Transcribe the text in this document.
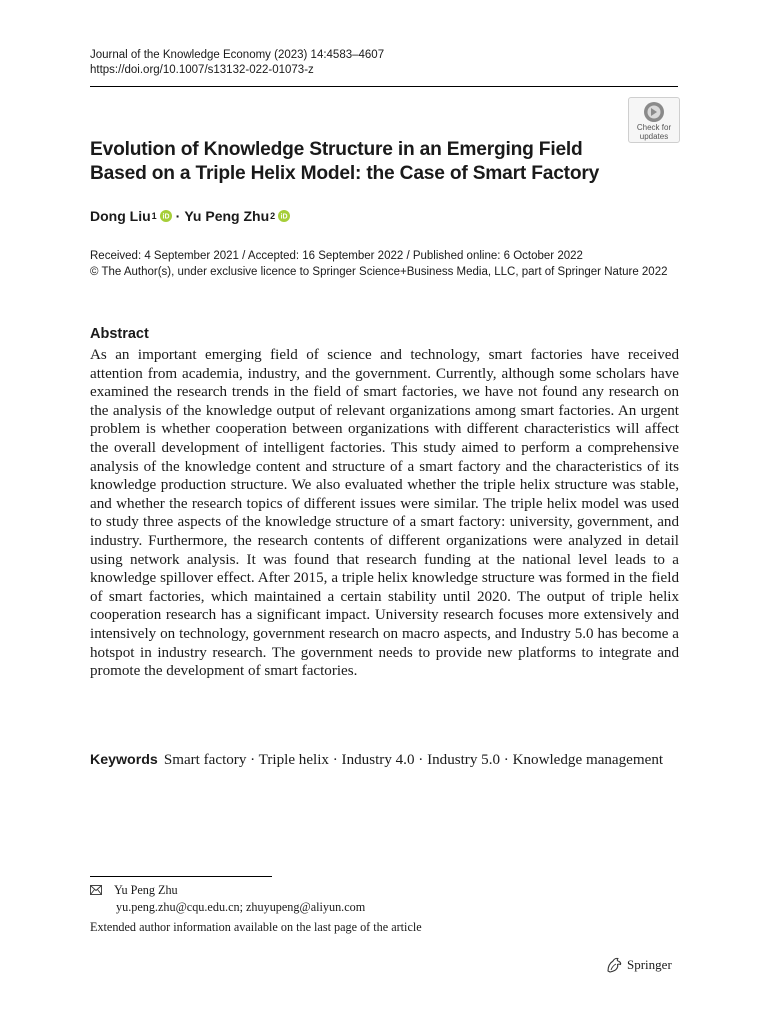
Journal of the Knowledge Economy (2023) 14:4583–4607
https://doi.org/10.1007/s13132-022-01073-z
Check for
updates
Evolution of Knowledge Structure in an Emerging Field Based on a Triple Helix Model: the Case of Smart Factory
Dong Liu 1 iD · Yu Peng Zhu 2 iD
Received: 4 September 2021 / Accepted: 16 September 2022 / Published online: 6 October 2022
© The Author(s), under exclusive licence to Springer Science+Business Media, LLC, part of Springer Nature 2022
Abstract
As an important emerging field of science and technology, smart factories have received attention from academia, industry, and the government. Currently, although some scholars have examined the research trends in the field of smart factories, we have not found any research on the analysis of the knowledge output of relevant organizations among smart factories. An urgent problem is whether cooperation between organizations with different characteristics will affect the overall development of intelligent factories. This study aimed to perform a comprehensive analysis of the knowledge content and structure of a smart factory and the characteristics of its knowledge production structure. We also evaluated whether the triple helix structure was stable, and whether the research topics of different issues were similar. The triple helix model was used to study three aspects of the knowledge structure of a smart factory: university, government, and industry. Furthermore, the research contents of different organizations were analyzed in detail using network analysis. It was found that research funding at the national level leads to a knowledge spillover effect. After 2015, a triple helix knowledge structure was formed in the field of smart factories, which maintained a certain stability until 2020. The output of triple helix cooperation research has a significant impact. University research focuses more extensively and intensively on technology, government research on macro aspects, and Industry 5.0 has become a hotspot in industry research. The government needs to provide new platforms to integrate and promote the development of smart factories.
Keywords Smart factory · Triple helix · Industry 4.0 · Industry 5.0 · Knowledge management
Yu Peng Zhu
yu.peng.zhu@cqu.edu.cn; zhuyupeng@aliyun.com
Extended author information available on the last page of the article
Springer
